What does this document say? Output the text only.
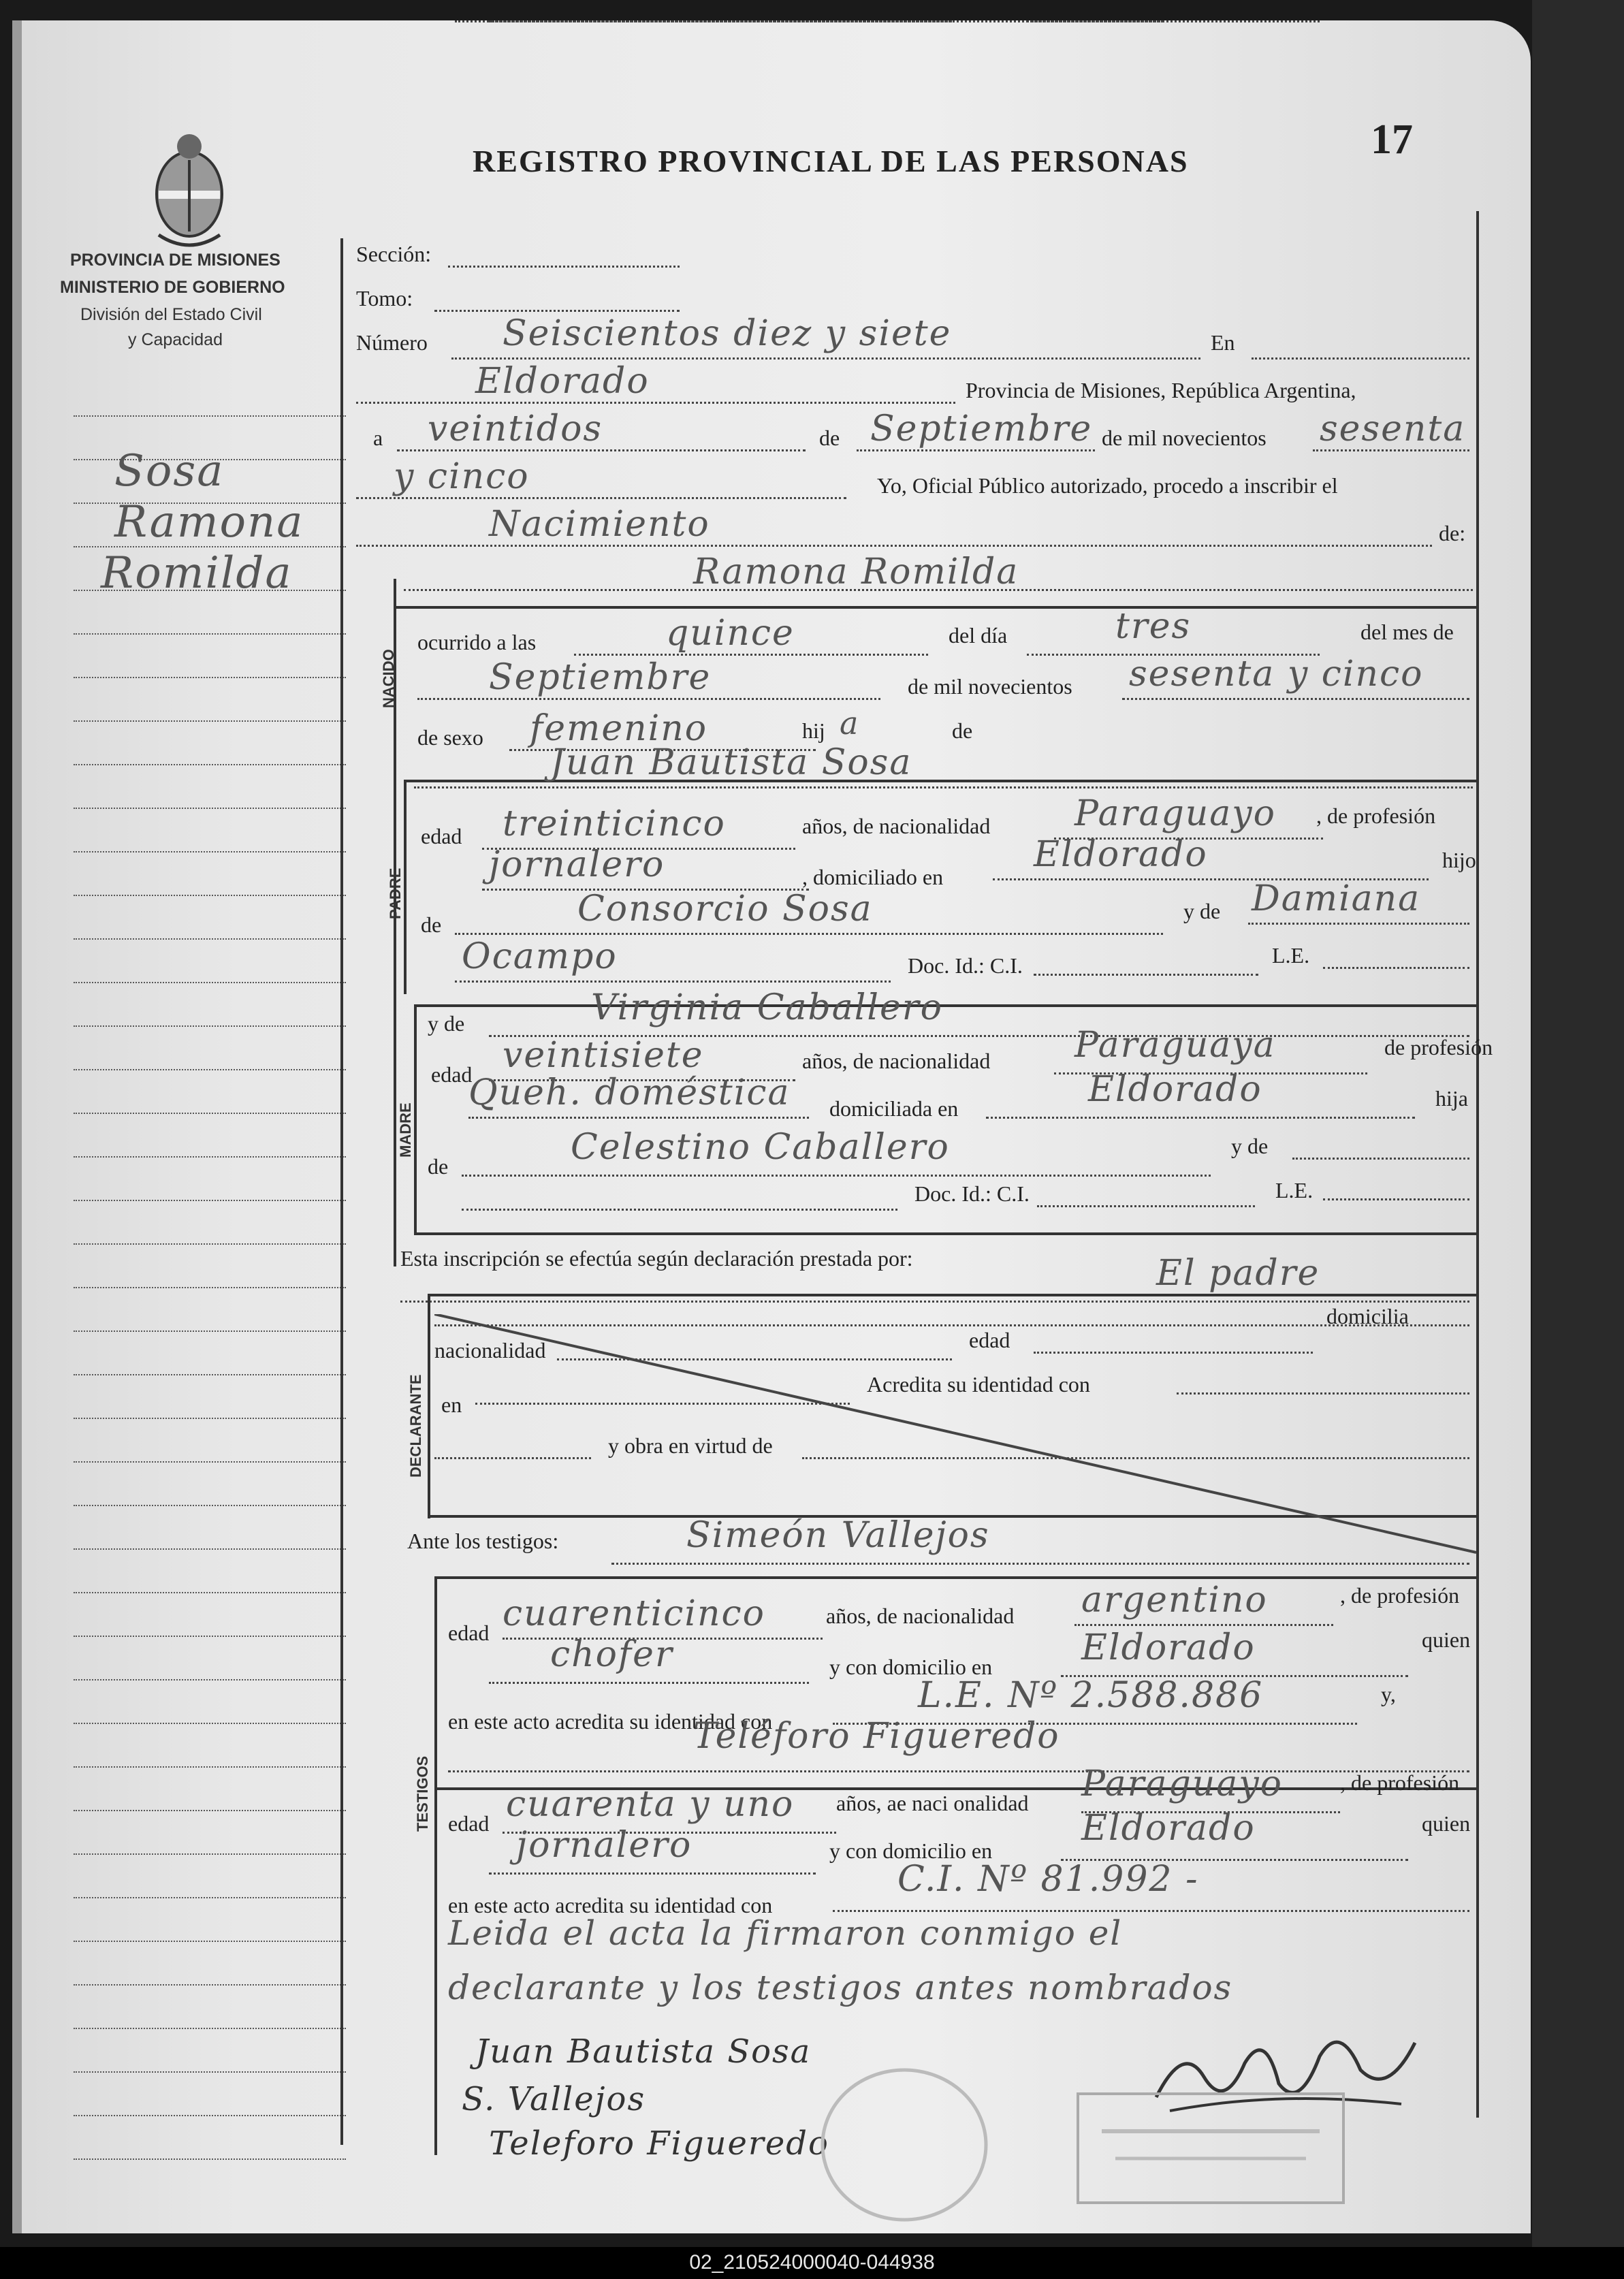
REGISTRO PROVINCIAL DE LAS PERSONAS	17
PROVINCIA DE MISIONES
MINISTERIO DE GOBIERNO
División del Estado Civil
y Capacidad
Sosa
Ramona
Romilda
Sección:
Tomo:
Número Seiscientos diez y siete	En
Eldorado	Provincia de Misiones, República Argentina,
a veintidos	de Septiembre de mil novecientos sesenta
y cinco	Yo, Oficial Público autorizado, procedo a inscribir el
Nacimiento	de:
Ramona Romilda
NACIDO
ocurrido a las	quince	del día	tres	del mes de
Septiembre	de mil novecientos sesenta y cinco
de sexo femenino	hij a	de
Juan Bautista Sosa
PADRE
edad treinticinco	años, de nacionalidad Paraguayo , de profesión
jornalero	, domiciliado en
Eldorado	hijo
de	Consorcio Sosa	y de Damiana
Ocampo	Doc. Id.: C.I.	L.E.
y de	Virginia Caballero
MADRE
edad veintisiete	años, de nacionalidad Paraguaya	de profesión
Queh. doméstica domiciliada en	Eldorado	hija
de	Celestino Caballero	y de
Doc. Id.: C.I.	L.E.
Esta inscripción se efectúa según declaración prestada por:	El padre
DECLARANTE
domicilia
nacionalidad	edad
en
Acredita su identidad con
y obra en virtud de
Ante los testigos:	Simeón Vallejos
TESTIGOS
edad cuarenticinco	años, de nacionalidad argentino	, de profesión
chofer	y con domicilio en	Eldorado	quien
en este acto acredita su identidad con
L.E. Nº 2.588.886	y,
Teléforo Figueredo
edad cuarenta y uno años, ae naci onalidad Paraguayo	, de profesión
jornalero	y con domicilio en
Eldorado	quien
en este acto acredita su identidad con
C.I. Nº 81.992 -
Leida el acta la firmaron conmigo el
declarante y los testigos antes nombrados
Juan Bautista Sosa
S. Vallejos
Teleforo Figueredo
02_210524000040-044938
